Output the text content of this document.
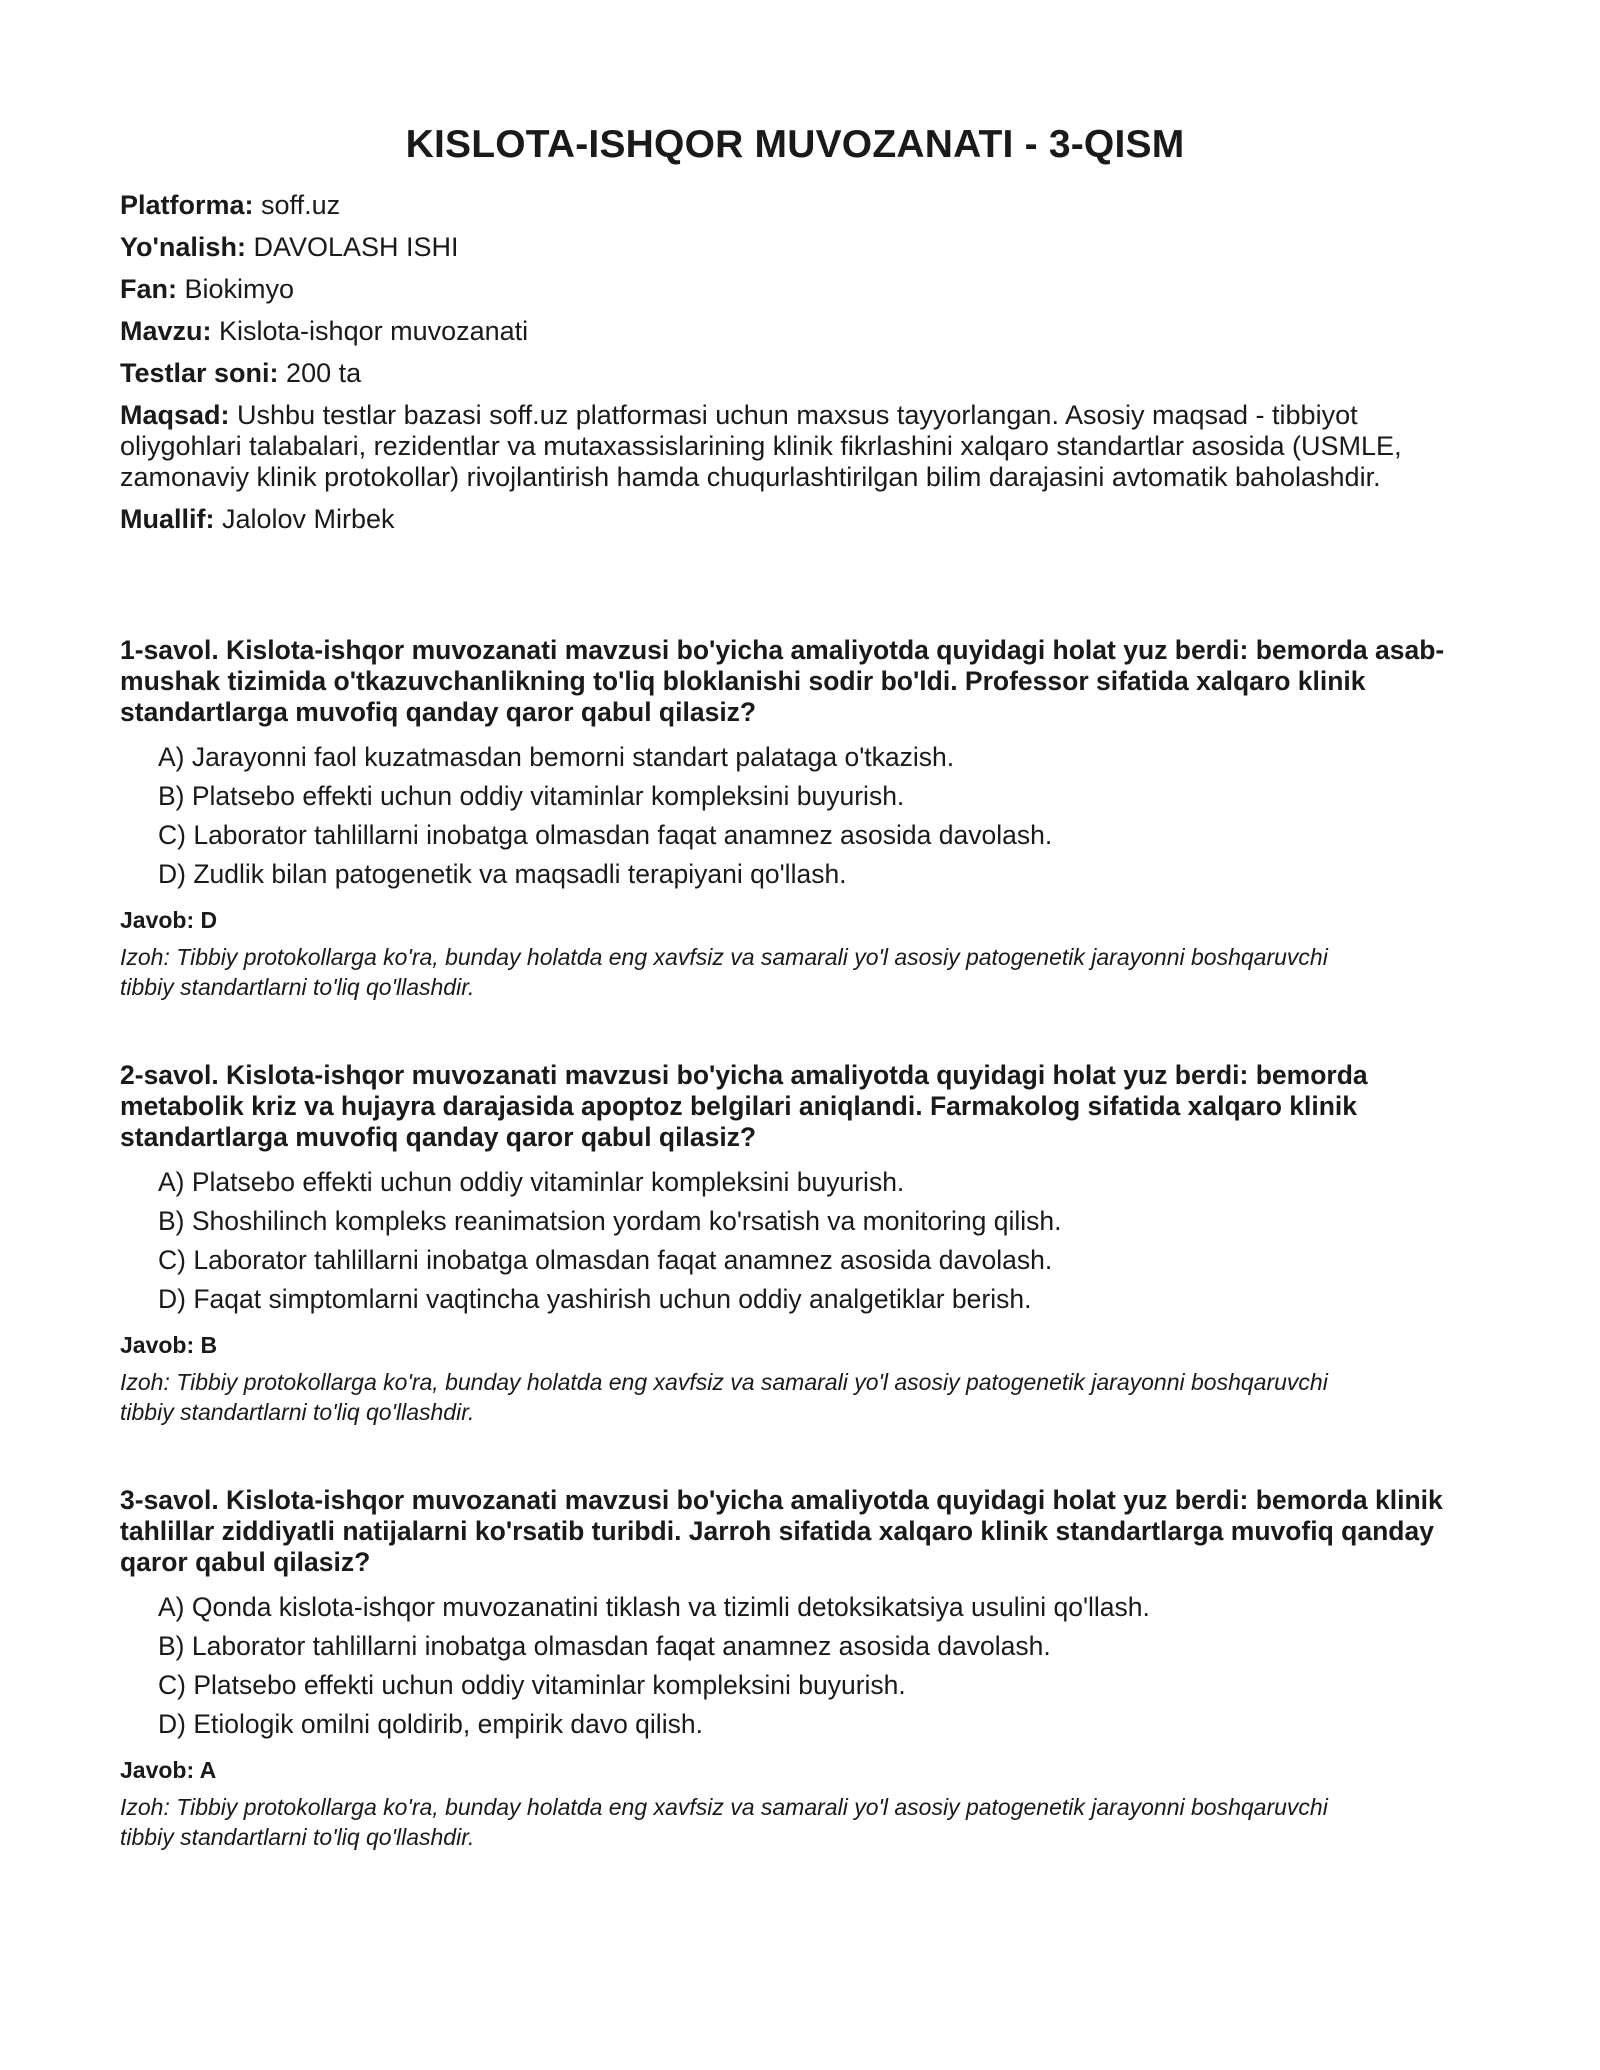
KISLOTA-ISHQOR MUVOZANATI - 3-QISM
Platforma: soff.uz
Yo'nalish: DAVOLASH ISHI
Fan: Biokimyo
Mavzu: Kislota-ishqor muvozanati
Testlar soni: 200 ta
Maqsad: Ushbu testlar bazasi soff.uz platformasi uchun maxsus tayyorlangan. Asosiy maqsad - tibbiyot oliygohlari talabalari, rezidentlar va mutaxassislarining klinik fikrlashini xalqaro standartlar asosida (USMLE, zamonaviy klinik protokollar) rivojlantirish hamda chuqurlashtirilgan bilim darajasini avtomatik baholashdir.
Muallif: Jalolov Mirbek

1-savol. Kislota-ishqor muvozanati mavzusi bo'yicha amaliyotda quyidagi holat yuz berdi: bemorda asab-mushak tizimida o'tkazuvchanlikning to'liq bloklanishi sodir bo'ldi. Professor sifatida xalqaro klinik standartlarga muvofiq qanday qaror qabul qilasiz?

A) Jarayonni faol kuzatmasdan bemorni standart palataga o'tkazish.
B) Platsebo effekti uchun oddiy vitaminlar kompleksini buyurish.
C) Laborator tahlillarni inobatga olmasdan faqat anamnez asosida davolash.
D) Zudlik bilan patogenetik va maqsadli terapiyani qo'llash.
Javob: D
Izoh: Tibbiy protokollarga ko'ra, bunday holatda eng xavfsiz va samarali yo'l asosiy patogenetik jarayonni boshqaruvchi tibbiy standartlarni to'liq qo'llashdir.

2-savol. Kislota-ishqor muvozanati mavzusi bo'yicha amaliyotda quyidagi holat yuz berdi: bemorda metabolik kriz va hujayra darajasida apoptoz belgilari aniqlandi. Farmakolog sifatida xalqaro klinik standartlarga muvofiq qanday qaror qabul qilasiz?

A) Platsebo effekti uchun oddiy vitaminlar kompleksini buyurish.
B) Shoshilinch kompleks reanimatsion yordam ko'rsatish va monitoring qilish.
C) Laborator tahlillarni inobatga olmasdan faqat anamnez asosida davolash.
D) Faqat simptomlarni vaqtincha yashirish uchun oddiy analgetiklar berish.
Javob: B
Izoh: Tibbiy protokollarga ko'ra, bunday holatda eng xavfsiz va samarali yo'l asosiy patogenetik jarayonni boshqaruvchi tibbiy standartlarni to'liq qo'llashdir.

3-savol. Kislota-ishqor muvozanati mavzusi bo'yicha amaliyotda quyidagi holat yuz berdi: bemorda klinik tahlillar ziddiyatli natijalarni ko'rsatib turibdi. Jarroh sifatida xalqaro klinik standartlarga muvofiq qanday qaror qabul qilasiz?

A) Qonda kislota-ishqor muvozanatini tiklash va tizimli detoksikatsiya usulini qo'llash.
B) Laborator tahlillarni inobatga olmasdan faqat anamnez asosida davolash.
C) Platsebo effekti uchun oddiy vitaminlar kompleksini buyurish.
D) Etiologik omilni qoldirib, empirik davo qilish.
Javob: A
Izoh: Tibbiy protokollarga ko'ra, bunday holatda eng xavfsiz va samarali yo'l asosiy patogenetik jarayonni boshqaruvchi tibbiy standartlarni to'liq qo'llashdir.
